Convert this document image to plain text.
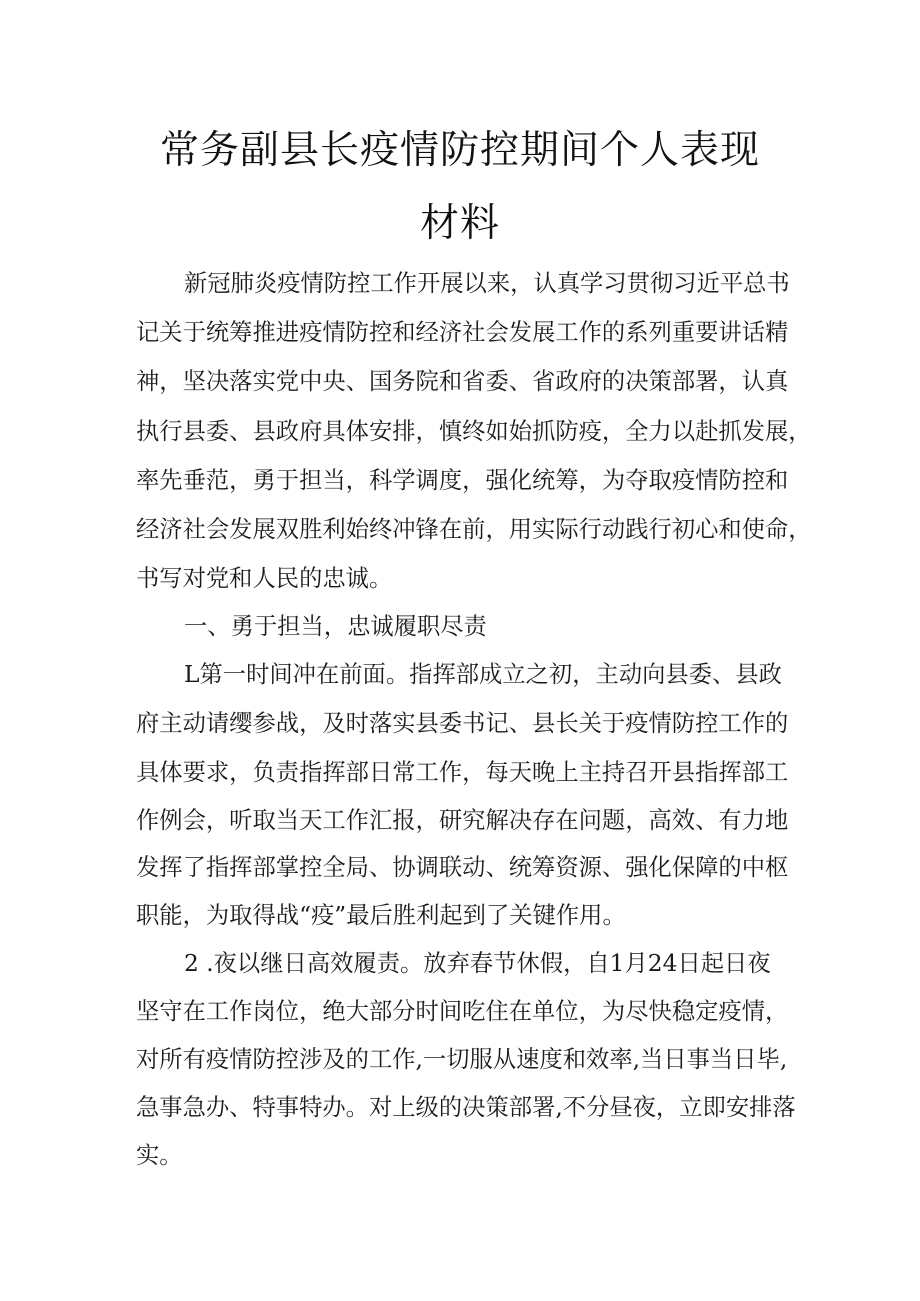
常务副县长疫情防控期间个人表现
材料

新冠肺炎疫情防控工作开展以来，认真学习贯彻习近平总书

记关于统筹推进疫情防控和经济社会发展工作的系列重要讲话精

神，坚决落实党中央、国务院和省委、省政府的决策部署，认真

执行县委、县政府具体安排，慎终如始抓防疫，全力以赴抓发展，

率先垂范，勇于担当，科学调度，强化统筹，为夺取疫情防控和

经济社会发展双胜利始终冲锋在前，用实际行动践行初心和使命，

书写对党和人民的忠诚。

一、勇于担当，忠诚履职尽责

L第一时间冲在前面。指挥部成立之初，主动向县委、县政

府主动请缨参战，及时落实县委书记、县长关于疫情防控工作的

具体要求，负责指挥部日常工作，每天晚上主持召开县指挥部工

作例会，听取当天工作汇报，研究解决存在问题，高效、有力地

发挥了指挥部掌控全局、协调联动、统筹资源、强化保障的中枢

职能，为取得战“疫”最后胜利起到了关键作用。

2 .夜以继日高效履责。放弃春节休假，自1月24日起日夜

坚守在工作岗位，绝大部分时间吃住在单位，为尽快稳定疫情，

对所有疫情防控涉及的工作,一切服从速度和效率,当日事当日毕,

急事急办、特事特办。对上级的决策部署,不分昼夜，立即安排落

实。
